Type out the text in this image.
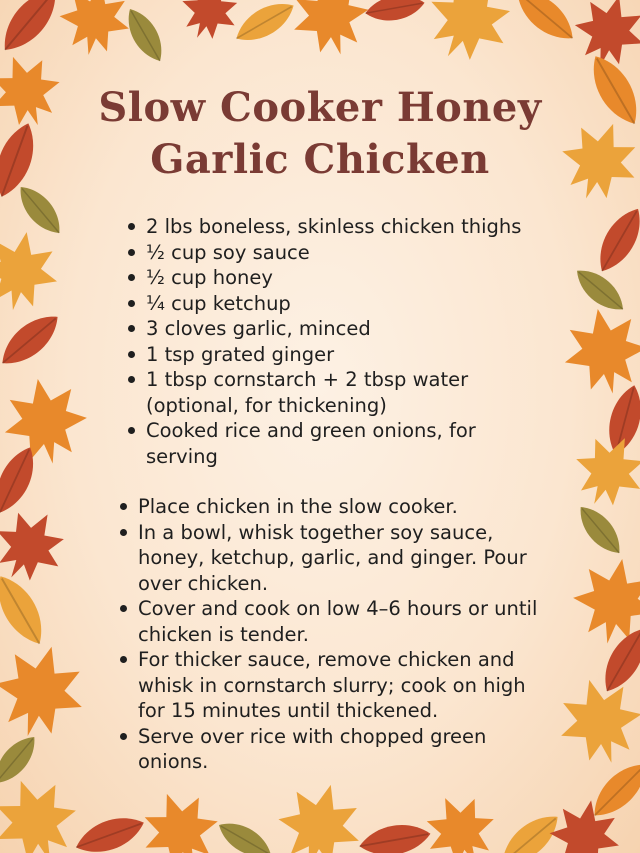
Slow Cooker Honey
Garlic Chicken
2 lbs boneless, skinless chicken thighs
½ cup soy sauce
½ cup honey
¼ cup ketchup
3 cloves garlic, minced
1 tsp grated ginger
1 tbsp cornstarch + 2 tbsp water (optional, for thickening)
Cooked rice and green onions, for serving
Place chicken in the slow cooker.
In a bowl, whisk together soy sauce, honey, ketchup, garlic, and ginger. Pour over chicken.
Cover and cook on low 4–6 hours or until chicken is tender.
For thicker sauce, remove chicken and whisk in cornstarch slurry; cook on high for 15 minutes until thickened.
Serve over rice with chopped green onions.
